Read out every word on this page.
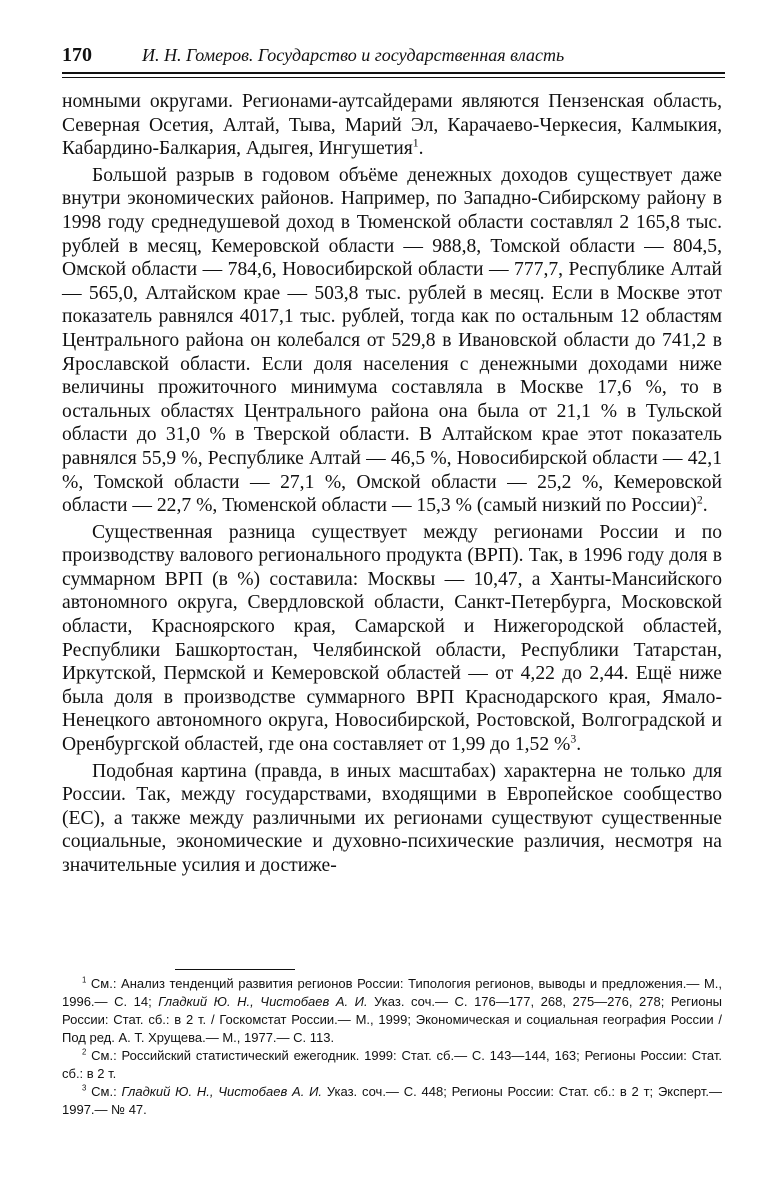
170	И. Н. Гомеров. Государство и государственная власть

номными округами. Регионами-аутсайдерами являются Пензенская область, Северная Осетия, Алтай, Тыва, Марий Эл, Карачаево-Черкесия, Калмыкия, Кабардино-Балкария, Адыгея, Ингушетия$^1$.

Большой разрыв в годовом объёме денежных доходов существует даже внутри экономических районов. Например, по Западно-Сибирскому району в 1998 году среднедушевой доход в Тюменской области составлял 2 165,8 тыс. рублей в месяц, Кемеровской области — 988,8, Томской области — 804,5, Омской области — 784,6, Новосибирской области — 777,7, Республике Алтай — 565,0, Алтайском крае — 503,8 тыс. рублей в месяц. Если в Москве этот показатель равнялся 4017,1 тыс. рублей, тогда как по остальным 12 областям Центрального района он колебался от 529,8 в Ивановской области до 741,2 в Ярославской области. Если доля населения с денежными доходами ниже величины прожиточного минимума составляла в Москве 17,6 %, то в остальных областях Центрального района она была от 21,1 % в Тульской области до 31,0 % в Тверской области. В Алтайском крае этот показатель равнялся 55,9 %, Республике Алтай — 46,5 %, Новосибирской области — 42,1 %, Томской области — 27,1 %, Омской области — 25,2 %, Кемеровской области — 22,7 %, Тюменской области — 15,3 % (самый низкий по России)$^2$.

Существенная разница существует между регионами России и по производству валового регионального продукта (ВРП). Так, в 1996 году доля в суммарном ВРП (в %) составила: Москвы — 10,47, а Ханты-Мансийского автономного округа, Свердловской области, Санкт-Петербурга, Московской области, Красноярского края, Самарской и Нижегородской областей, Республики Башкортостан, Челябинской области, Республики Татарстан, Иркутской, Пермской и Кемеровской областей — от 4,22 до 2,44. Ещё ниже была доля в производстве суммарного ВРП Краснодарского края, Ямало-Ненецкого автономного округа, Новосибирской, Ростовской, Волгоградской и Оренбургской областей, где она составляет от 1,99 до 1,52 %$^3$.

Подобная картина (правда, в иных масштабах) характерна не только для России. Так, между государствами, входящими в Европейское сообщество (ЕС), а также между различными их регионами существуют существенные социальные, экономические и духовно-психические различия, несмотря на значительные усилия и достиже-

$^1$ См.: Анализ тенденций развития регионов России: Типология регионов, выводы и предложения.— М., 1996.— С. 14; Гладкий Ю. Н., Чистобаев А. И. Указ. соч.— С. 176—177, 268, 275—276, 278; Регионы России: Стат. сб.: в 2 т. / Госкомстат России.— М., 1999; Экономическая и социальная география России / Под ред. А. Т. Хрущева.— М., 1977.— С. 113.

$^2$ См.: Российский статистический ежегодник. 1999: Стат. сб.— С. 143—144, 163; Регионы России: Стат. сб.: в 2 т.

$^3$ См.: Гладкий Ю. Н., Чистобаев А. И. Указ. соч.— С. 448; Регионы России: Стат. сб.: в 2 т; Эксперт.— 1997.— № 47.
